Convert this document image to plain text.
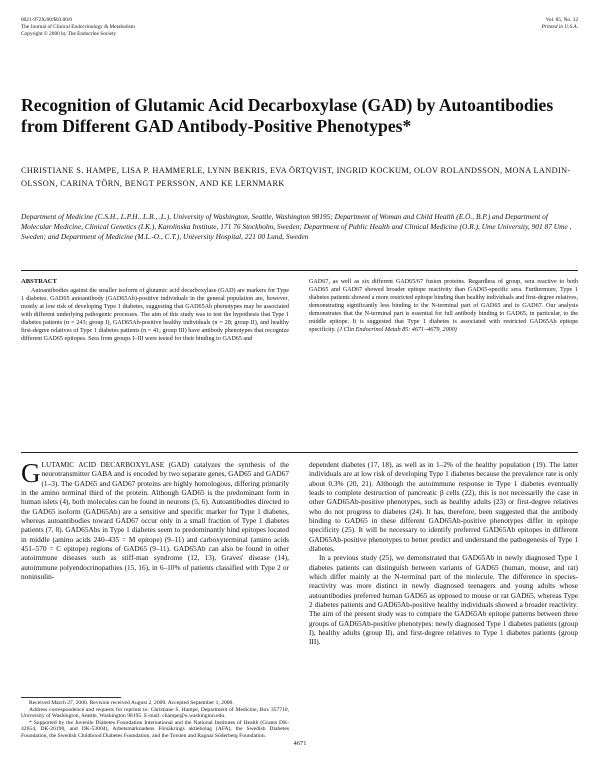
0021-972X/00/$03.00/0
The Journal of Clinical Endocrinology & Metabolism
Copyright © 2000 by The Endocrine Society
Vol. 85, No. 12
Printed in U.S.A.
Recognition of Glutamic Acid Decarboxylase (GAD) by Autoantibodies from Different GAD Antibody-Positive Phenotypes*
CHRISTIANE S. HAMPE, LISA P. HAMMERLE, LYNN BEKRIS, EVA ÖRTQVIST, INGRID KOCKUM, OLOV ROLANDSSON, MONA LANDIN-OLSSON, CARINA TÖRN, BENGT PERSSON, AND KE LERNMARK
Department of Medicine (C.S.H., L.P.H., L.B., .L.), University of Washington, Seattle, Washington 98195; Department of Woman and Child Health (E.Ö., B.P.) and Department of Molecular Medicine, Clinical Genetics (I.K.), Karolinska Institute, 171 76 Stockholm, Sweden; Department of Public Health and Clinical Medicine (O.R.), Ume University, 901 87 Ume , Sweden; and Department of Medicine (M.L.-O., C.T.), University Hospital, 221 00 Lund, Sweden
ABSTRACT

Autoantibodies against the smaller isoform of glutamic acid decarboxylase (GAD) are markers for Type 1 diabetes. GAD65 autoantibody (GAD65Ab)-positive individuals in the general population are, however, mostly at low risk of developing Type 1 diabetes, suggesting that GAD65Ab phenotypes may be associated with different underlying pathogenic processes. The aim of this study was to test the hypothesis that Type 1 diabetes patients (n = 243; group I), GAD65Ab-positive healthy individuals (n = 28; group II), and healthy first-degree relatives of Type 1 diabetes patients (n = 41; group III) have antibody phenotypes that recognize different GAD65 epitopes. Sera from groups I–III were tested for their binding to GAD65 and

GAD67, as well as six different GAD65/67 fusion proteins. Regardless of group, sera reactive to both GAD65 and GAD67 showed broader epitope reactivity than GAD65-specific sera. Furthermore, Type 1 diabetes patients showed a more restricted epitope binding than healthy individuals and first-degree relatives, demonstrating significantly less binding to the N-terminal part of GAD65 and to GAD67. Our analysis demonstrates that the N-terminal part is essential for full antibody binding to GAD65, in particular, to the middle epitope. It is suggested that Type 1 diabetes is associated with restricted GAD65Ab epitope specificity. (J Clin Endocrinol Metab 85: 4671–4679, 2000)

GLUTAMIC ACID DECARBOXYLASE (GAD) catalyzes the synthesis of the neurotransmitter GABA and is encoded by two separate genes, GAD65 and GAD67 (1–3). The GAD65 and GAD67 proteins are highly homologous, differing primarily in the amino terminal third of the protein. Although GAD65 is the predominant form in human islets (4), both molecules can be found in neurons (5, 6). Autoantibodies directed to the GAD65 isoform (GAD65Ab) are a sensitive and specific marker for Type 1 diabetes, whereas autoantibodies toward GAD67 occur only in a small fraction of Type 1 diabetes patients (7, 8). GAD65Abs in Type 1 diabetes seem to predominantly bind epitopes located in middle (amino acids 240–435 = M epitope) (9–11) and carboxyterminal (amino acids 451–570 = C epitope) regions of GAD65 (9–11). GAD65Ab can also be found in other autoimmune diseases such as stiff-man syndrome (12, 13), Graves' disease (14), autoimmune polyendocrinopathies (15, 16), in 6–10% of patients classified with Type 2 or noninsulin-

dependent diabetes (17, 18), as well as in 1–2% of the healthy population (19). The latter individuals are at low risk of developing Type 1 diabetes because the prevalence rate is only about 0.3% (20, 21). Although the autoimmune response in Type 1 diabetes eventually leads to complete destruction of pancreatic β cells (22), this is not necessarily the case in other GAD65Ab-positive phenotypes, such as healthy adults (23) or first-degree relatives who do not progress to diabetes (24). It has, therefore, been suggested that the antibody binding to GAD65 in these different GAD65Ab-positive phenotypes differ in epitope specificity (25). It will be necessary to identify preferred GAD65Ab epitopes in different GAD65Ab-positive phenotypes to better predict and understand the pathogenesis of Type 1 diabetes.

In a previous study (25), we demonstrated that GAD65Ab in newly diagnosed Type 1 diabetes patients can distinguish between variants of GAD65 (human, mouse, and rat) which differ mainly at the N-terminal part of the molecule. The difference in species-reactivity was more distinct in newly diagnosed teenagers and young adults whose autoantibodies preferred human GAD65 as opposed to mouse or rat GAD65, whereas Type 2 diabetes patients and GAD65Ab-positive healthy individuals showed a broader reactivity. The aim of the present study was to compare the GAD65Ab epitope patterns between three groups of GAD65Ab-positive phenotypes: newly diagnosed Type 1 diabetes patients (group I), healthy adults (group II), and first-degree relatives to Type 1 diabetes patients (group III).

Received March 27, 2000. Revision received August 2, 2000. Accepted September 1, 2000.

Address correspondence and requests for reprints to: Christiane S. Hampe, Department of Medicine, Box 357710, University of Washington, Seattle, Washington 98195. E-mail: champe@u.washington.edu.

* Supported by the Juvenile Diabetes Foundation International and the National Institutes of Health (Grants DK-42654, DK-26190, and DK-53004), Arbetsmarknadens Försäkrings aktiebolag (AFA), the Swedish Diabetes Foundation, the Swedish Childhood Diabetes Foundation, and the Torsten and Ragnar Söderberg Foundation.

4671
